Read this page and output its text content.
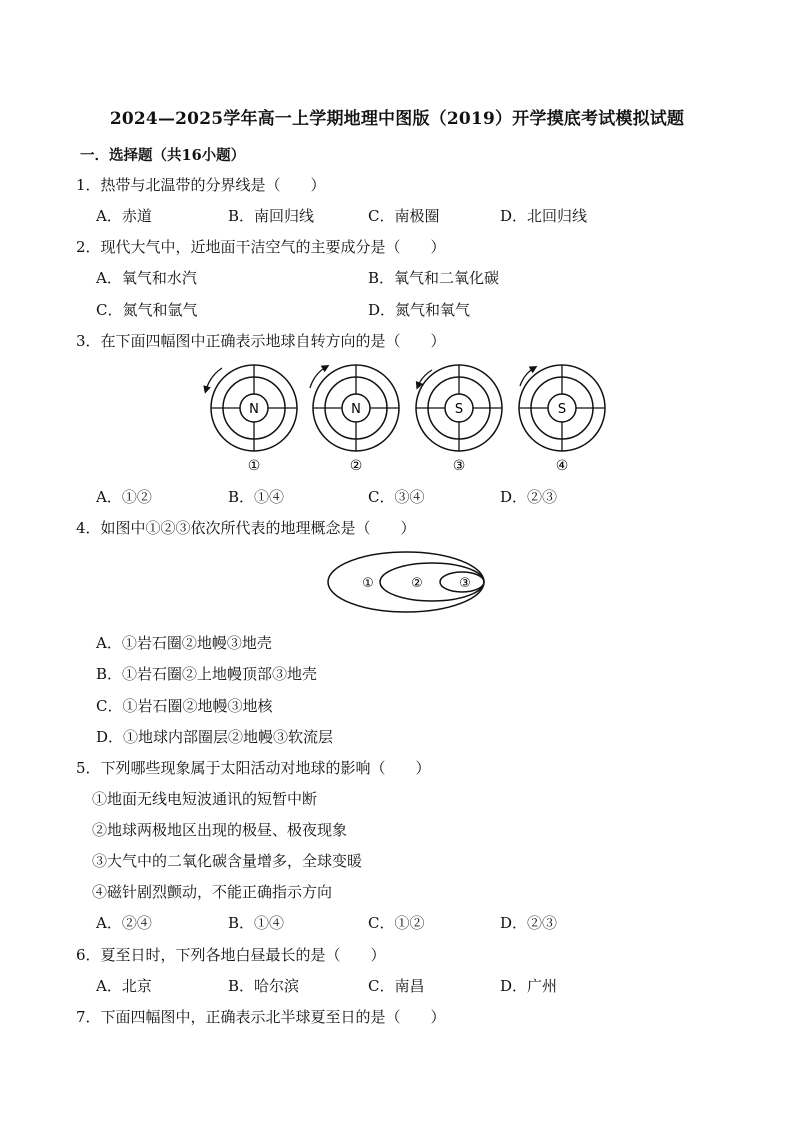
2024—2025学年高一上学期地理中图版（2019）开学摸底考试模拟试题
一．选择题（共16小题）
1．热带与北温带的分界线是（　　）
A．赤道	B．南回归线	C．南极圈	D．北回归线
2．现代大气中，近地面干洁空气的主要成分是（　　）
A．氧气和水汽	B．氧气和二氧化碳
C．氮气和氩气	D．氮气和氧气
3．在下面四幅图中正确表示地球自转方向的是（　　）
N
①
N
②
S
③
S
④
A．①②	B．①④	C．③④	D．②③
4．如图中①②③依次所代表的地理概念是（　　）
①	②	③
A．①岩石圈②地幔③地壳
B．①岩石圈②上地幔顶部③地壳
C．①岩石圈②地幔③地核
D．①地球内部圈层②地幔③软流层
5．下列哪些现象属于太阳活动对地球的影响（　　）
①地面无线电短波通讯的短暂中断
②地球两极地区出现的极昼、极夜现象
③大气中的二氧化碳含量增多，全球变暖
④磁针剧烈颤动，不能正确指示方向
A．②④	B．①④	C．①②	D．②③
6．夏至日时，下列各地白昼最长的是（　　）
A．北京	B．哈尔滨	C．南昌	D．广州
7．下面四幅图中，正确表示北半球夏至日的是（　　）
